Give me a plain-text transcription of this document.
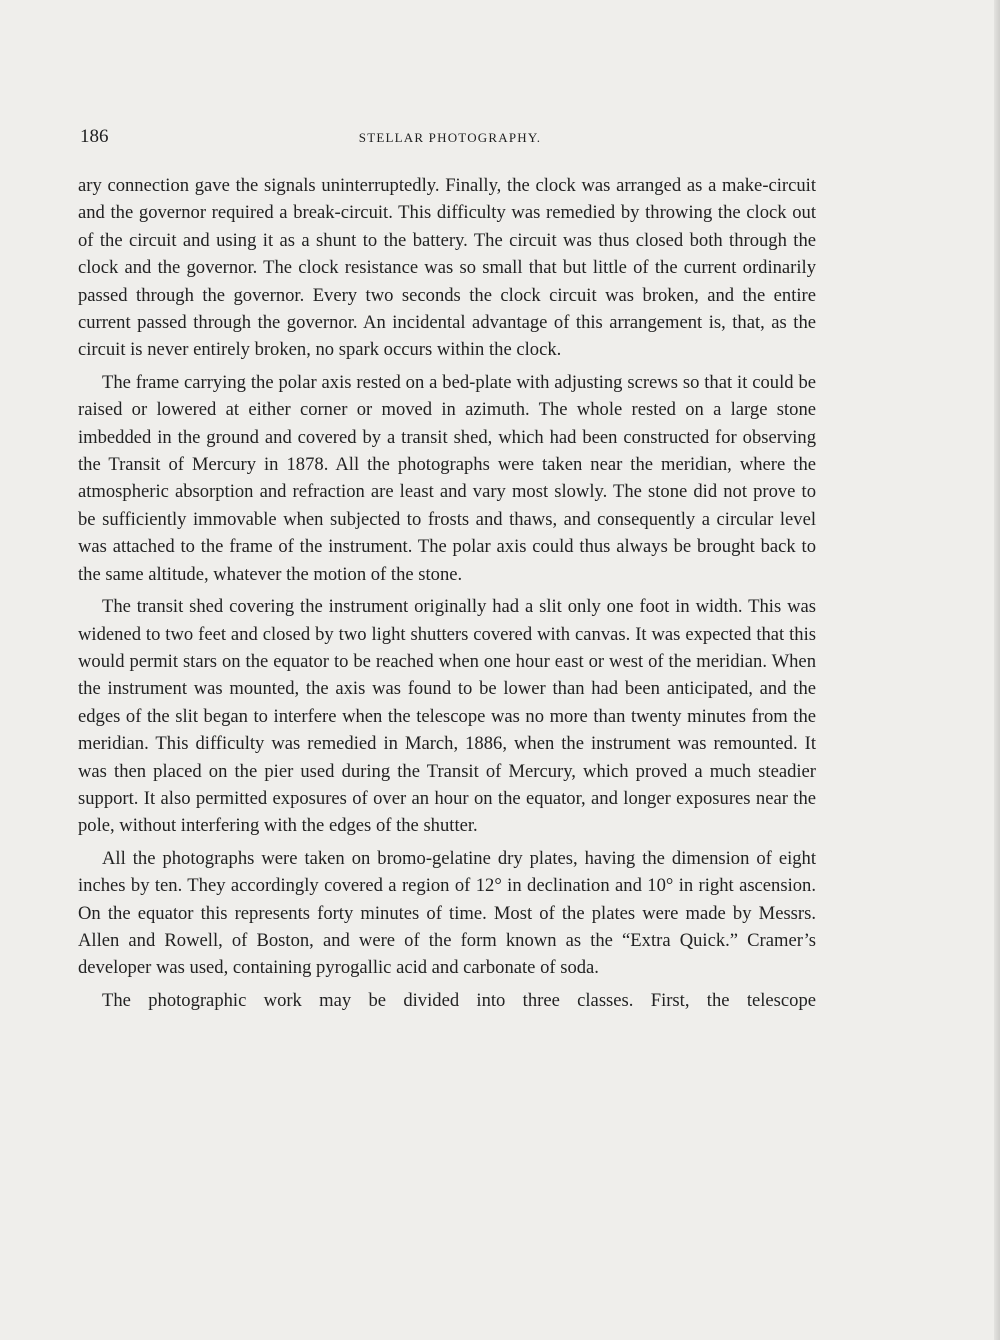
186	STELLAR PHOTOGRAPHY.

ary connection gave the signals uninterruptedly. Finally, the clock was arranged as a make-circuit and the governor required a break-circuit. This difficulty was remedied by throwing the clock out of the circuit and using it as a shunt to the battery. The circuit was thus closed both through the clock and the governor. The clock resistance was so small that but little of the current ordinarily passed through the governor. Every two seconds the clock circuit was broken, and the entire current passed through the governor. An incidental advantage of this arrangement is, that, as the circuit is never entirely broken, no spark occurs within the clock.

The frame carrying the polar axis rested on a bed-plate with adjusting screws so that it could be raised or lowered at either corner or moved in azimuth. The whole rested on a large stone imbedded in the ground and covered by a transit shed, which had been constructed for observing the Transit of Mercury in 1878. All the photographs were taken near the meridian, where the atmospheric absorption and refraction are least and vary most slowly. The stone did not prove to be sufficiently immovable when subjected to frosts and thaws, and consequently a circular level was attached to the frame of the instrument. The polar axis could thus always be brought back to the same altitude, whatever the motion of the stone.

The transit shed covering the instrument originally had a slit only one foot in width. This was widened to two feet and closed by two light shutters covered with canvas. It was expected that this would permit stars on the equator to be reached when one hour east or west of the meridian. When the instrument was mounted, the axis was found to be lower than had been anticipated, and the edges of the slit began to interfere when the telescope was no more than twenty minutes from the meridian. This difficulty was remedied in March, 1886, when the instrument was remounted. It was then placed on the pier used during the Transit of Mercury, which proved a much steadier support. It also permitted exposures of over an hour on the equator, and longer exposures near the pole, without interfering with the edges of the shutter.

All the photographs were taken on bromo-gelatine dry plates, having the dimension of eight inches by ten. They accordingly covered a region of 12° in declination and 10° in right ascension. On the equator this represents forty minutes of time. Most of the plates were made by Messrs. Allen and Rowell, of Boston, and were of the form known as the “Extra Quick.” Cramer’s developer was used, containing pyrogallic acid and carbonate of soda.

The photographic work may be divided into three classes. First, the telescope
